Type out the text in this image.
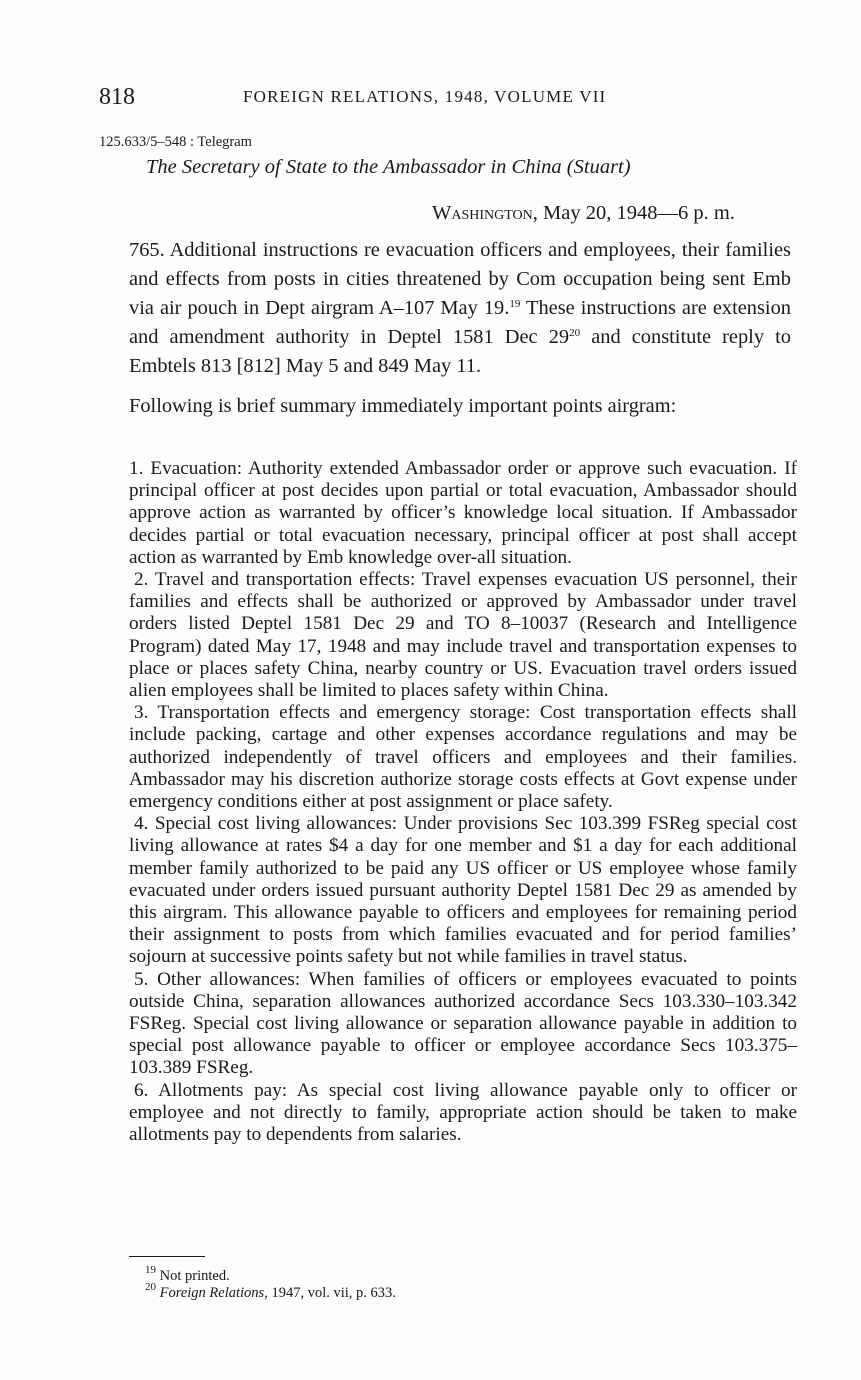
818	FOREIGN RELATIONS, 1948, VOLUME VII
125.633/5–548 : Telegram
The Secretary of State to the Ambassador in China (Stuart)
Washington, May 20, 1948—6 p. m.

765. Additional instructions re evacuation officers and employees, their families and effects from posts in cities threatened by Com occupation being sent Emb via air pouch in Dept airgram A–107 May 19.19 These instructions are extension and amendment authority in Deptel 1581 Dec $29^{20}$ and constitute reply to Embtels 813 [812] May 5 and 849 May 11.

Following is brief summary immediately important points airgram:

1. Evacuation: Authority extended Ambassador order or approve such evacuation. If principal officer at post decides upon partial or total evacuation, Ambassador should approve action as warranted by officer’s knowledge local situation. If Ambassador decides partial or total evacuation necessary, principal officer at post shall accept action as warranted by Emb knowledge over-all situation.

2. Travel and transportation effects: Travel expenses evacuation US personnel, their families and effects shall be authorized or approved by Ambassador under travel orders listed Deptel 1581 Dec 29 and TO 8–10037 (Research and Intelligence Program) dated May 17, 1948 and may include travel and transportation expenses to place or places safety China, nearby country or US. Evacuation travel orders issued alien employees shall be limited to places safety within China.

3. Transportation effects and emergency storage: Cost transportation effects shall include packing, cartage and other expenses accordance regulations and may be authorized independently of travel officers and employees and their families. Ambassador may his discretion authorize storage costs effects at Govt expense under emergency conditions either at post assignment or place safety.

4. Special cost living allowances: Under provisions Sec 103.399 FSReg special cost living allowance at rates $4 a day for one member and $1 a day for each additional member family authorized to be paid any US officer or US employee whose family evacuated under orders issued pursuant authority Deptel 1581 Dec 29 as amended by this airgram. This allowance payable to officers and employees for remaining period their assignment to posts from which families evacuated and for period families’ sojourn at successive points safety but not while families in travel status.

5. Other allowances: When families of officers or employees evacuated to points outside China, separation allowances authorized accordance Secs 103.330–103.342 FSReg. Special cost living allowance or separation allowance payable in addition to special post allowance payable to officer or employee accordance Secs 103.375–103.389 FSReg.

6. Allotments pay: As special cost living allowance payable only to officer or employee and not directly to family, appropriate action should be taken to make allotments pay to dependents from salaries.

$^{19}$ Not printed.

$^{20}$ Foreign Relations, 1947, vol. vii, p. 633.
